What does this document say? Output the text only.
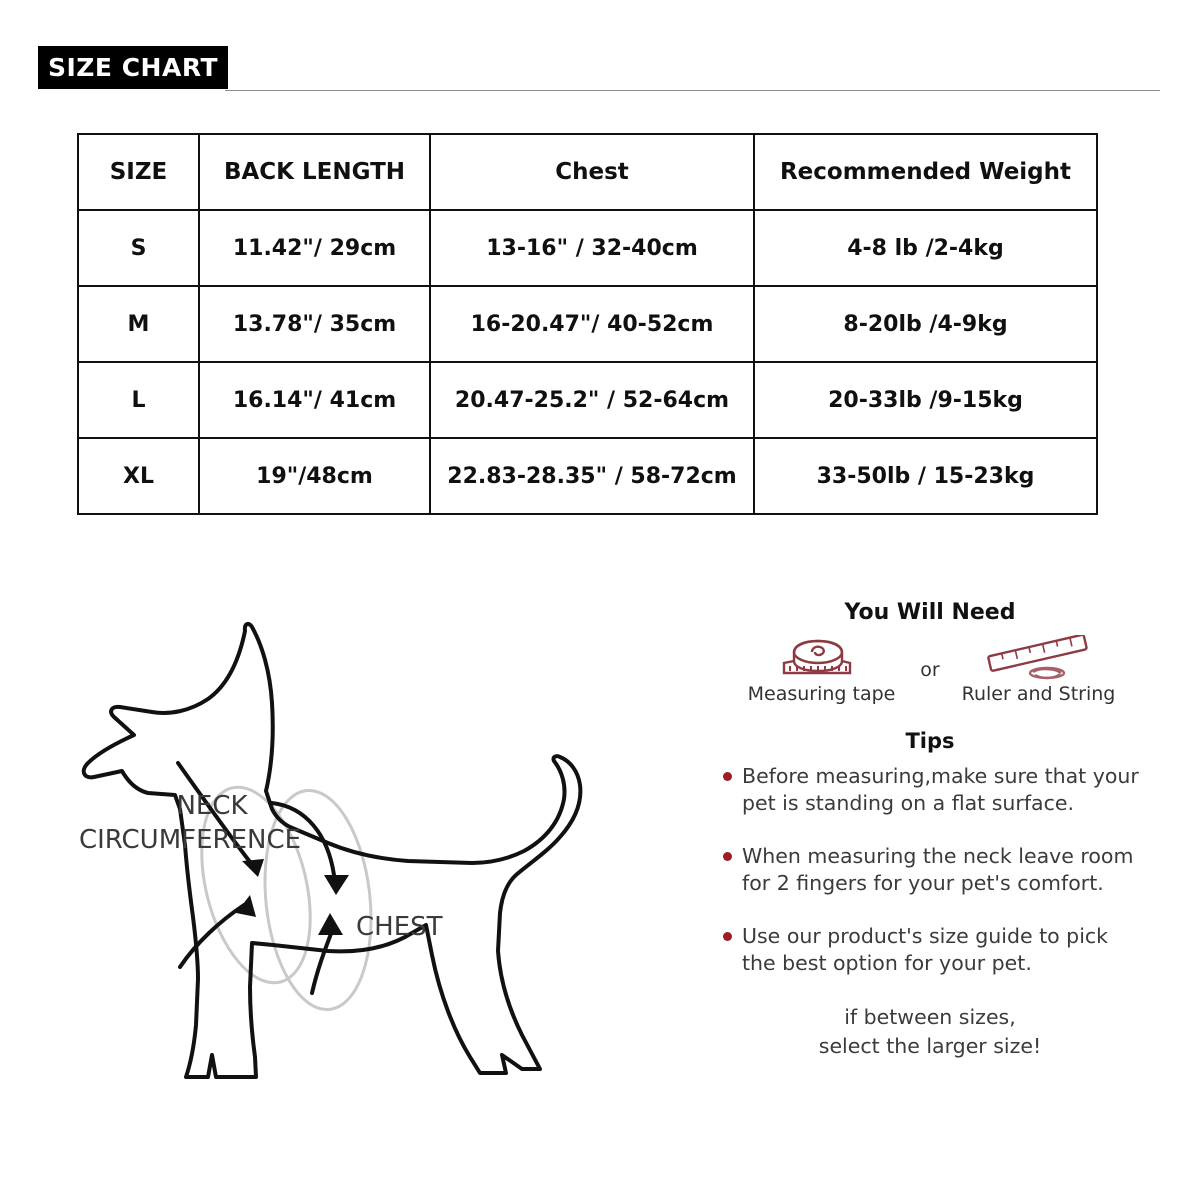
SIZE CHART
SIZE	BACK LENGTH	Chest	Recommended Weight
S	11.42"/ 29cm	13-16" / 32-40cm	4-8 lb /2-4kg
M	13.78"/ 35cm	16-20.47"/ 40-52cm	8-20lb /4-9kg
L	16.14"/ 41cm	20.47-25.2" / 52-64cm	20-33lb /9-15kg
XL	19"/48cm	22.83-28.35" / 58-72cm	33-50lb / 15-23kg
NECK
CIRCUMFERENCE
CHEST
You Will Need
Measuring tape
or
Ruler and String
Tips
Before measuring,make sure that your pet is standing on a flat surface.
When measuring the neck leave room for 2 fingers for your pet's comfort.
Use our product's size guide to pick the best option for your pet.
if between sizes,
select the larger size!
